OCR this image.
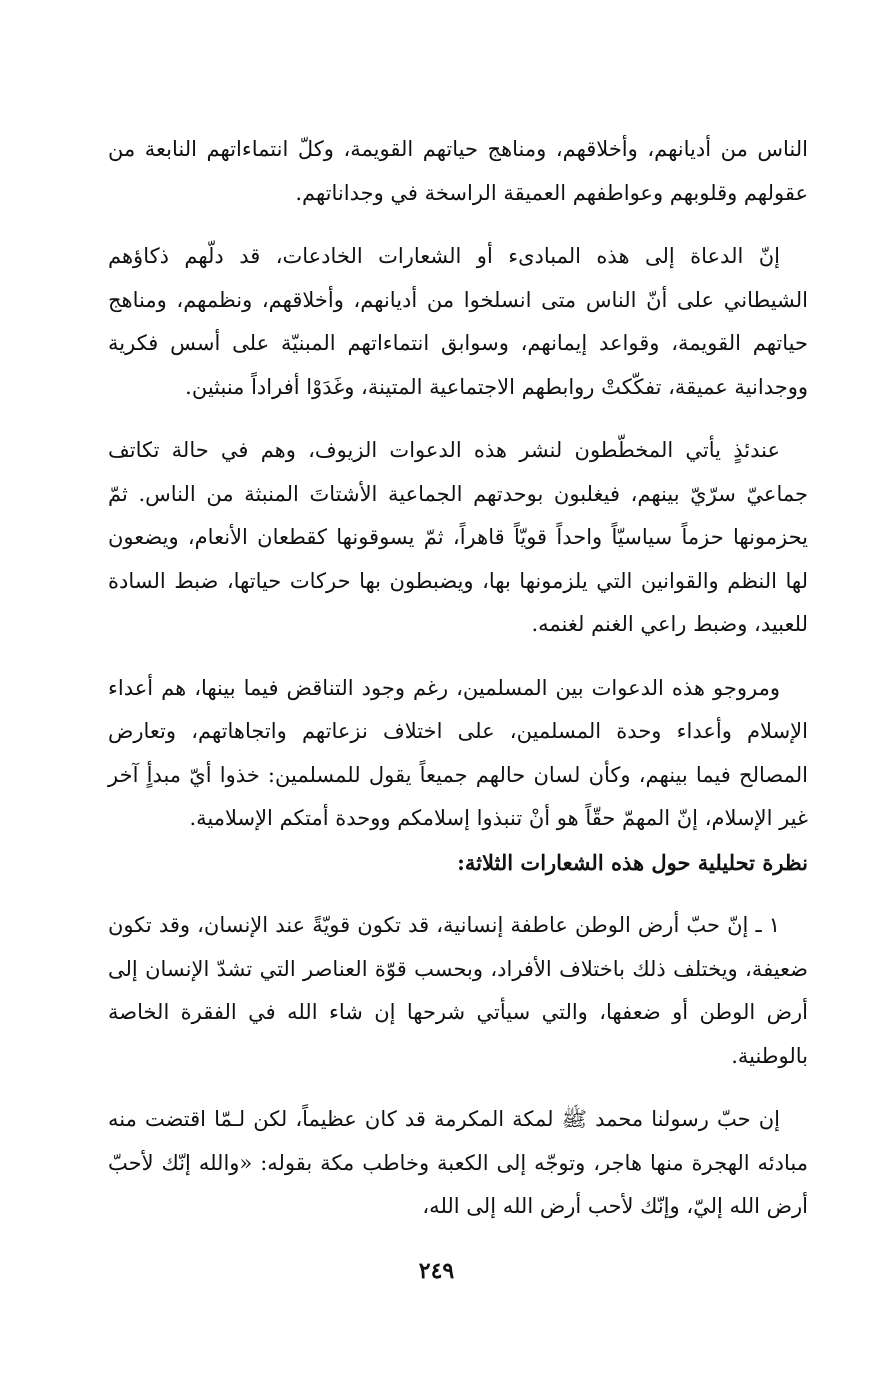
الناس من أديانهم، وأخلاقهم، ومناهج حياتهم القويمة، وكلّ انتماءاتهم النابعة من عقولهم وقلوبهم وعواطفهم العميقة الراسخة في وجداناتهم.

إنّ الدعاة إلى هذه المبادىء أو الشعارات الخادعات، قد دلّهم ذكاؤهم الشيطاني على أنّ الناس متى انسلخوا من أديانهم، وأخلاقهم، ونظمهم، ومناهج حياتهم القويمة، وقواعد إيمانهم، وسوابق انتماءاتهم المبنيّة على أسس فكرية ووجدانية عميقة، تفكّكتْ روابطهم الاجتماعية المتينة، وغَدَوْا أفراداً منبثين.

عندئذٍ يأتي المخطّطون لنشر هذه الدعوات الزيوف، وهم في حالة تكاتف جماعيّ سرّيّ بينهم، فيغلبون بوحدتهم الجماعية الأشتاتَ المنبثة من الناس. ثمّ يحزمونها حزماً سياسيّاً واحداً قويّاً قاهراً، ثمّ يسوقونها كقطعان الأنعام، ويضعون لها النظم والقوانين التي يلزمونها بها، ويضبطون بها حركات حياتها، ضبط السادة للعبيد، وضبط راعي الغنم لغنمه.

ومروجو هذه الدعوات بين المسلمين، رغم وجود التناقض فيما بينها، هم أعداء الإسلام وأعداء وحدة المسلمين، على اختلاف نزعاتهم واتجاهاتهم، وتعارض المصالح فيما بينهم، وكأن لسان حالهم جميعاً يقول للمسلمين: خذوا أيّ مبدأٍ آخر غير الإسلام، إنّ المهمّ حقّاً هو أنْ تنبذوا إسلامكم ووحدة أمتكم الإسلامية.

نظرة تحليلية حول هذه الشعارات الثلاثة:

١ ـ إنّ حبّ أرض الوطن عاطفة إنسانية، قد تكون قويّةً عند الإنسان، وقد تكون ضعيفة، ويختلف ذلك باختلاف الأفراد، وبحسب قوّة العناصر التي تشدّ الإنسان إلى أرض الوطن أو ضعفها، والتي سيأتي شرحها إن شاء الله في الفقرة الخاصة بالوطنية.

إن حبّ رسولنا محمد ﷺ لمكة المكرمة قد كان عظيماً، لكن لـمّا اقتضت منه مبادئه الهجرة منها هاجر، وتوجّه إلى الكعبة وخاطب مكة بقوله: «والله إنّك لأحبّ أرض الله إليّ، وإنّك لأحب أرض الله إلى الله،

٢٤٩
